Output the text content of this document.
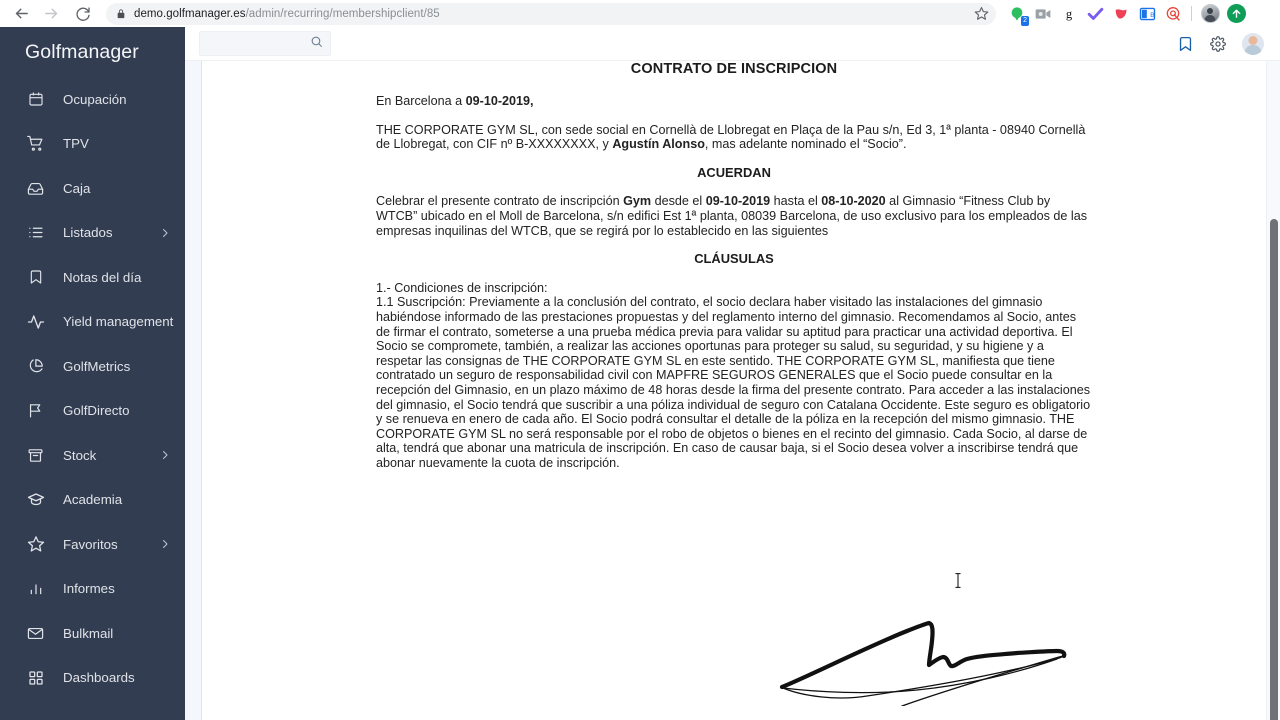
demo.golfmanager.es/admin/recurring/membershipclient/85
2 g	B
Golfmanager
Ocupación
TPV
Caja
Listados
Notas del día
Yield management
GolfMetrics
GolfDirecto
Stock
Academia
Favoritos
Informes
Bulkmail
Dashboards
CONTRATO DE INSCRIPCION

En Barcelona a 09-10-2019,

THE CORPORATE GYM SL, con sede social en Cornellà de Llobregat en Plaça de la Pau s/n, Ed 3, 1ª planta - 08940 Cornellà de Llobregat, con CIF nº B-XXXXXXXX, y Agustín Alonso, mas adelante nominado el “Socio”.

ACUERDAN

Celebrar el presente contrato de inscripción Gym desde el 09-10-2019 hasta el 08-10-2020 al Gimnasio “Fitness Club by WTCB” ubicado en el Moll de Barcelona, s/n edifici Est 1ª planta, 08039 Barcelona, de uso exclusivo para los empleados de las empresas inquilinas del WTCB, que se regirá por lo establecido en las siguientes

CLÁUSULAS

1.- Condiciones de inscripción:

1.1 Suscripción: Previamente a la conclusión del contrato, el socio declara haber visitado las instalaciones del gimnasio habiéndose informado de las prestaciones propuestas y del reglamento interno del gimnasio. Recomendamos al Socio, antes de firmar el contrato, someterse a una prueba médica previa para validar su aptitud para practicar una actividad deportiva. El Socio se compromete, también, a realizar las acciones oportunas para proteger su salud, su seguridad, y su higiene y a respetar las consignas de THE CORPORATE GYM SL en este sentido. THE CORPORATE GYM SL, manifiesta que tiene contratado un seguro de responsabilidad civil con MAPFRE SEGUROS GENERALES que el Socio puede consultar en la recepción del Gimnasio, en un plazo máximo de 48 horas desde la firma del presente contrato. Para acceder a las instalaciones del gimnasio, el Socio tendrá que suscribir a una póliza individual de seguro con Catalana Occidente. Este seguro es obligatorio y se renueva en enero de cada año. El Socio podrá consultar el detalle de la póliza en la recepción del mismo gimnasio. THE CORPORATE GYM SL no será responsable por el robo de objetos o bienes en el recinto del gimnasio. Cada Socio, al darse de alta, tendrá que abonar una matricula de inscripción. En caso de causar baja, si el Socio desea volver a inscribirse tendrá que abonar nuevamente la cuota de inscripción.
